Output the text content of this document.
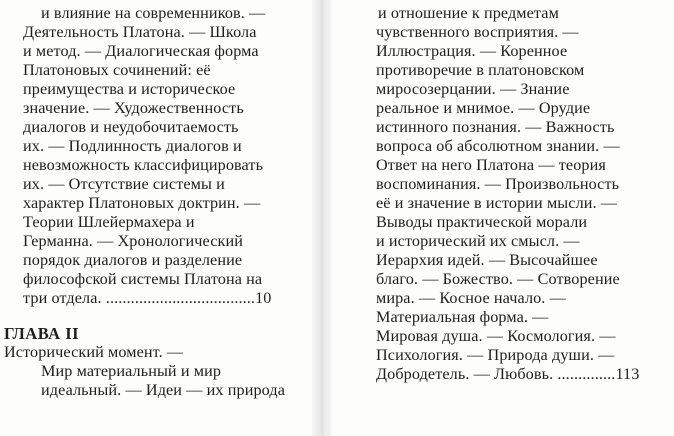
и влияние на современников. —
Деятельность Платона. — Школа
и метод. — Диалогическая форма
Платоновых сочинений: её
преимущества и историческое
значение. — Художественность
диалогов и неудобочитаемость
их. — Подлинность диалогов и
невозможность классифицировать
их. — Отсутствие системы и
характер Платоновых доктрин. —
Теории Шлейермахера и
Германна. — Хронологический
порядок диалогов и разделение
философской системы Платона на
три отдела. ....................................10
ГЛАВА II
Исторический момент. —
Мир материальный и мир
идеальный. — Идеи — их природа
и отношение к предметам
чувственного восприятия. —
Иллюстрация. — Коренное
противоречие в платоновском
миросозерцании. — Знание
реальное и мнимое. — Орудие
истинного познания. — Важность
вопроса об абсолютном знании. —
Ответ на него Платона — теория
воспоминания. — Произвольность
её и значение в истории мысли. —
Выводы практической морали
и исторический их смысл. —
Иерархия идей. — Высочайшее
благо. — Божество. — Сотворение
мира. — Косное начало. —
Материальная форма. —
Мировая душа. — Космология. —
Психология. — Природа души. —
Добродетель. — Любовь. ..............113
